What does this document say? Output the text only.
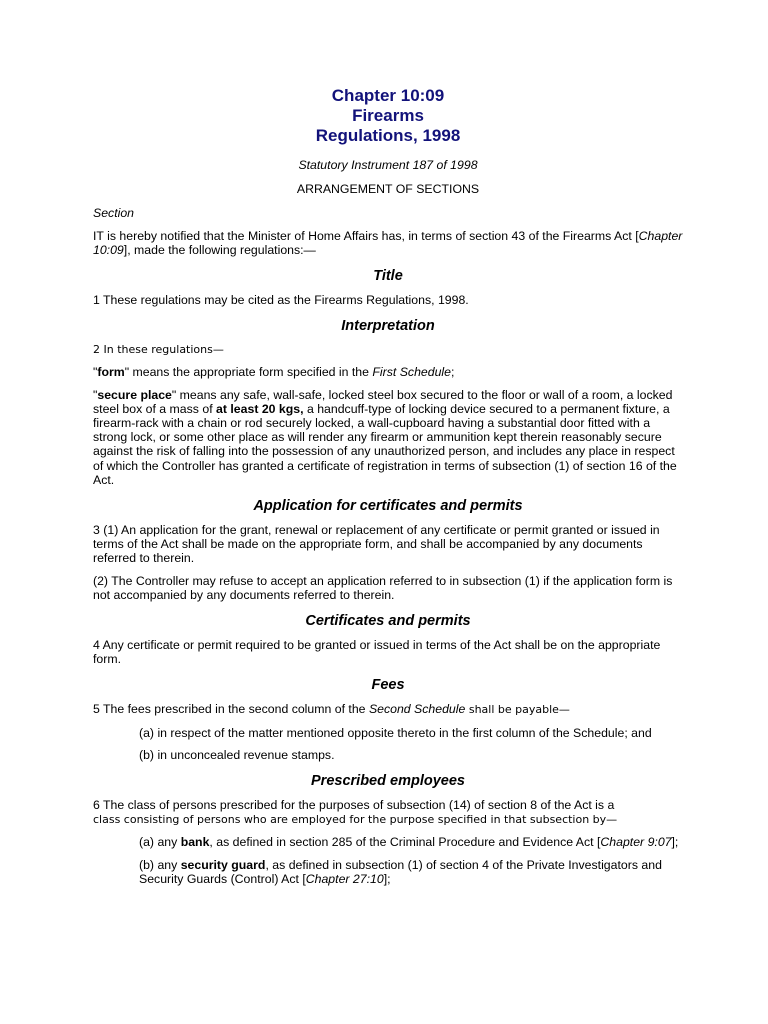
Chapter 10:09
Firearms
Regulations, 1998
Statutory Instrument 187 of 1998
ARRANGEMENT OF SECTIONS
Section

IT is hereby notified that the Minister of Home Affairs has, in terms of section 43 of the Firearms Act [Chapter 10:09], made the following regulations:—

Title

1 These regulations may be cited as the Firearms Regulations, 1998.

Interpretation

2 In these regulations—

"form" means the appropriate form specified in the First Schedule;

"secure place" means any safe, wall-safe, locked steel box secured to the floor or wall of a room, a locked steel box of a mass of at least 20 kgs, a handcuff-type of locking device secured to a permanent fixture, a firearm-rack with a chain or rod securely locked, a wall-cupboard having a substantial door fitted with a strong lock, or some other place as will render any firearm or ammunition kept therein reasonably secure against the risk of falling into the possession of any unauthorized person, and includes any place in respect of which the Controller has granted a certificate of registration in terms of subsection (1) of section 16 of the Act.

Application for certificates and permits

3 (1) An application for the grant, renewal or replacement of any certificate or permit granted or issued in terms of the Act shall be made on the appropriate form, and shall be accompanied by any documents referred to therein.

(2) The Controller may refuse to accept an application referred to in subsection (1) if the application form is not accompanied by any documents referred to therein.

Certificates and permits

4 Any certificate or permit required to be granted or issued in terms of the Act shall be on the appropriate form.

Fees

5 The fees prescribed in the second column of the Second Schedule shall be payable—

(a) in respect of the matter mentioned opposite thereto in the first column of the Schedule; and

(b) in unconcealed revenue stamps.

Prescribed employees

6 The class of persons prescribed for the purposes of subsection (14) of section 8 of the Act is a
class consisting of persons who are employed for the purpose specified in that subsection by—

(a) any bank, as defined in section 285 of the Criminal Procedure and Evidence Act [Chapter 9:07];

(b) any security guard, as defined in subsection (1) of section 4 of the Private Investigators and Security Guards (Control) Act [Chapter 27:10];
